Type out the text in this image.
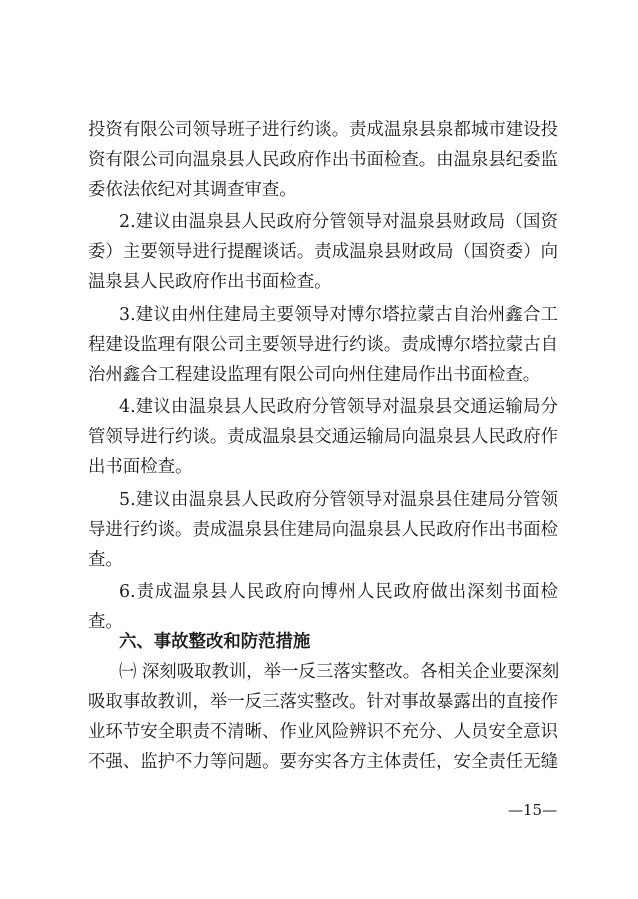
投资有限公司领导班子进行约谈。责成温泉县泉都城市建设投
资有限公司向温泉县人民政府作出书面检查。由温泉县纪委监
委依法依纪对其调查审查。
2.建议由温泉县人民政府分管领导对温泉县财政局（国资
委）主要领导进行提醒谈话。责成温泉县财政局（国资委）向
温泉县人民政府作出书面检查。
3.建议由州住建局主要领导对博尔塔拉蒙古自治州鑫合工
程建设监理有限公司主要领导进行约谈。责成博尔塔拉蒙古自
治州鑫合工程建设监理有限公司向州住建局作出书面检查。
4.建议由温泉县人民政府分管领导对温泉县交通运输局分
管领导进行约谈。责成温泉县交通运输局向温泉县人民政府作
出书面检查。
5.建议由温泉县人民政府分管领导对温泉县住建局分管领
导进行约谈。责成温泉县住建局向温泉县人民政府作出书面检
查。
6.责成温泉县人民政府向博州人民政府做出深刻书面检
查。
六、事故整改和防范措施
㈠ 深刻吸取教训，举一反三落实整改。各相关企业要深刻
吸取事故教训，举一反三落实整改。针对事故暴露出的直接作
业环节安全职责不清晰、作业风险辨识不充分、人员安全意识
不强、监护不力等问题。要夯实各方主体责任，安全责任无缝
—15—
